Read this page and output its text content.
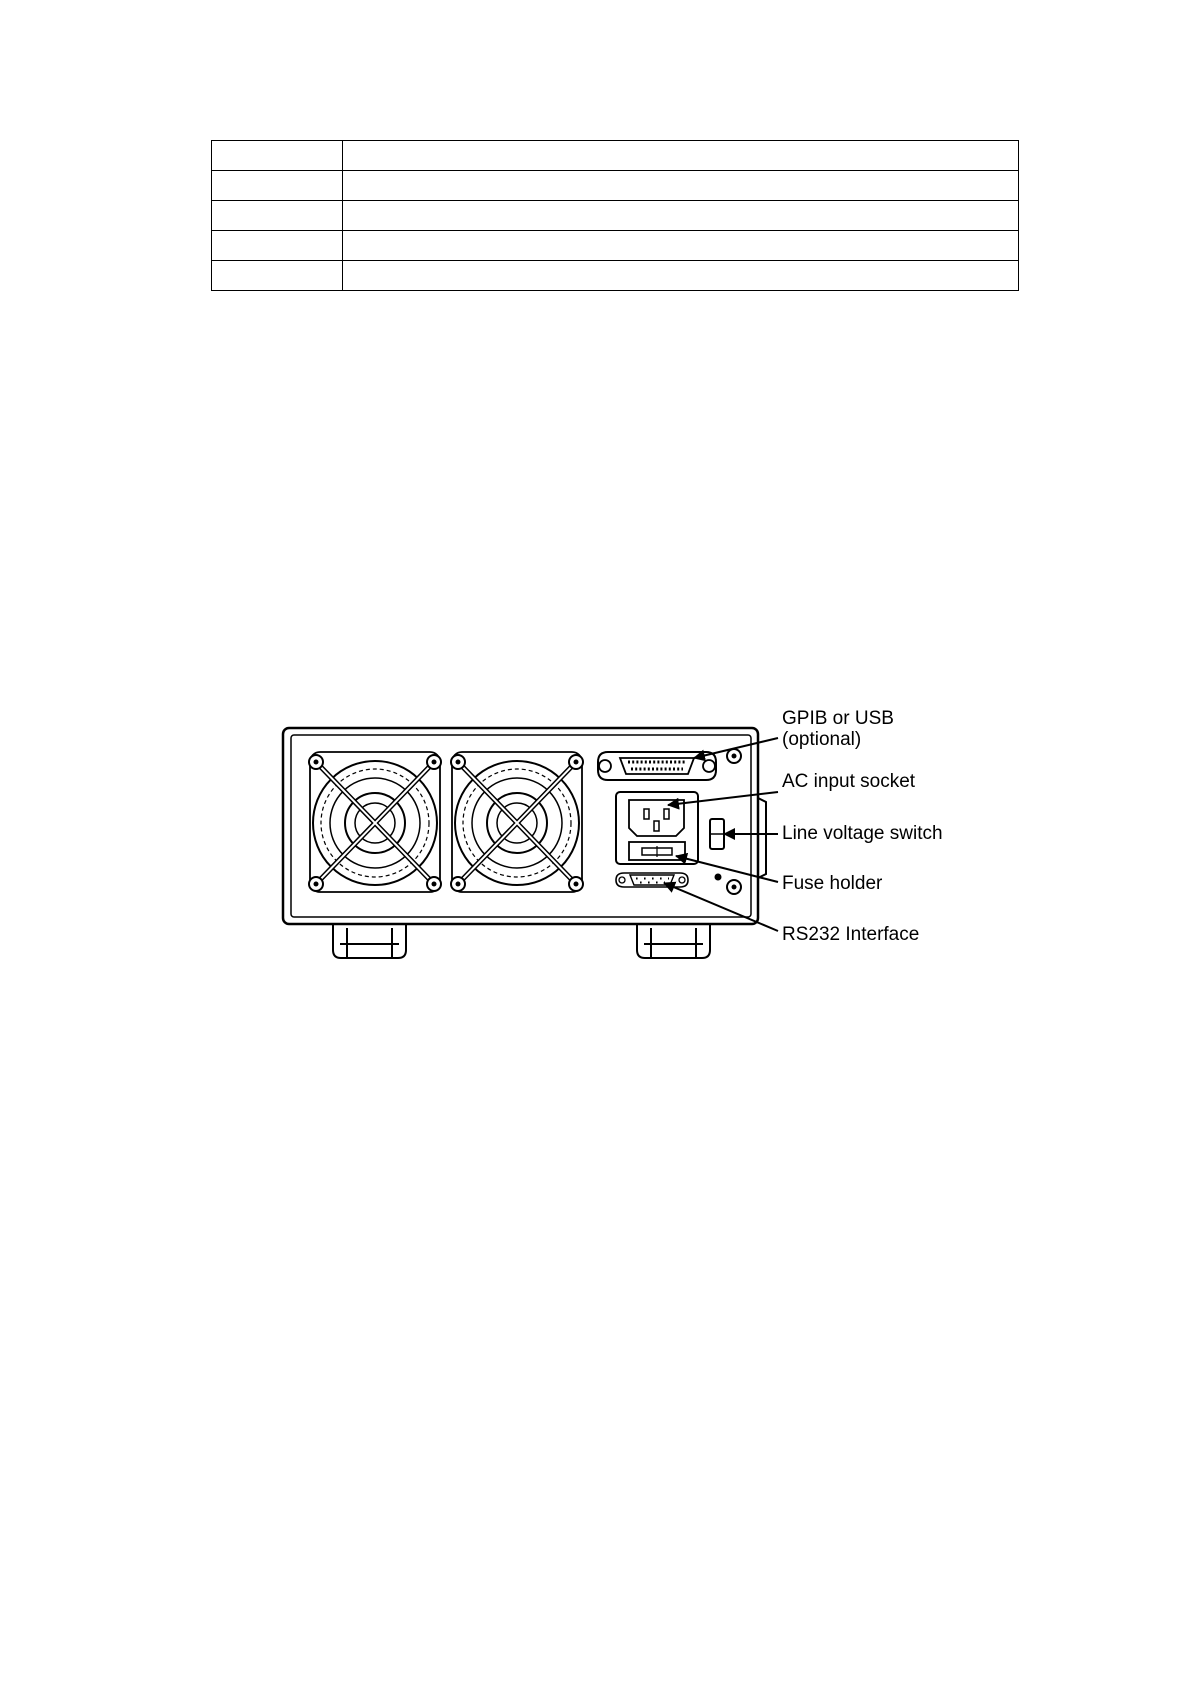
GPIB or USB
(optional)
AC input socket
Line voltage switch
Fuse holder
RS232 Interface
